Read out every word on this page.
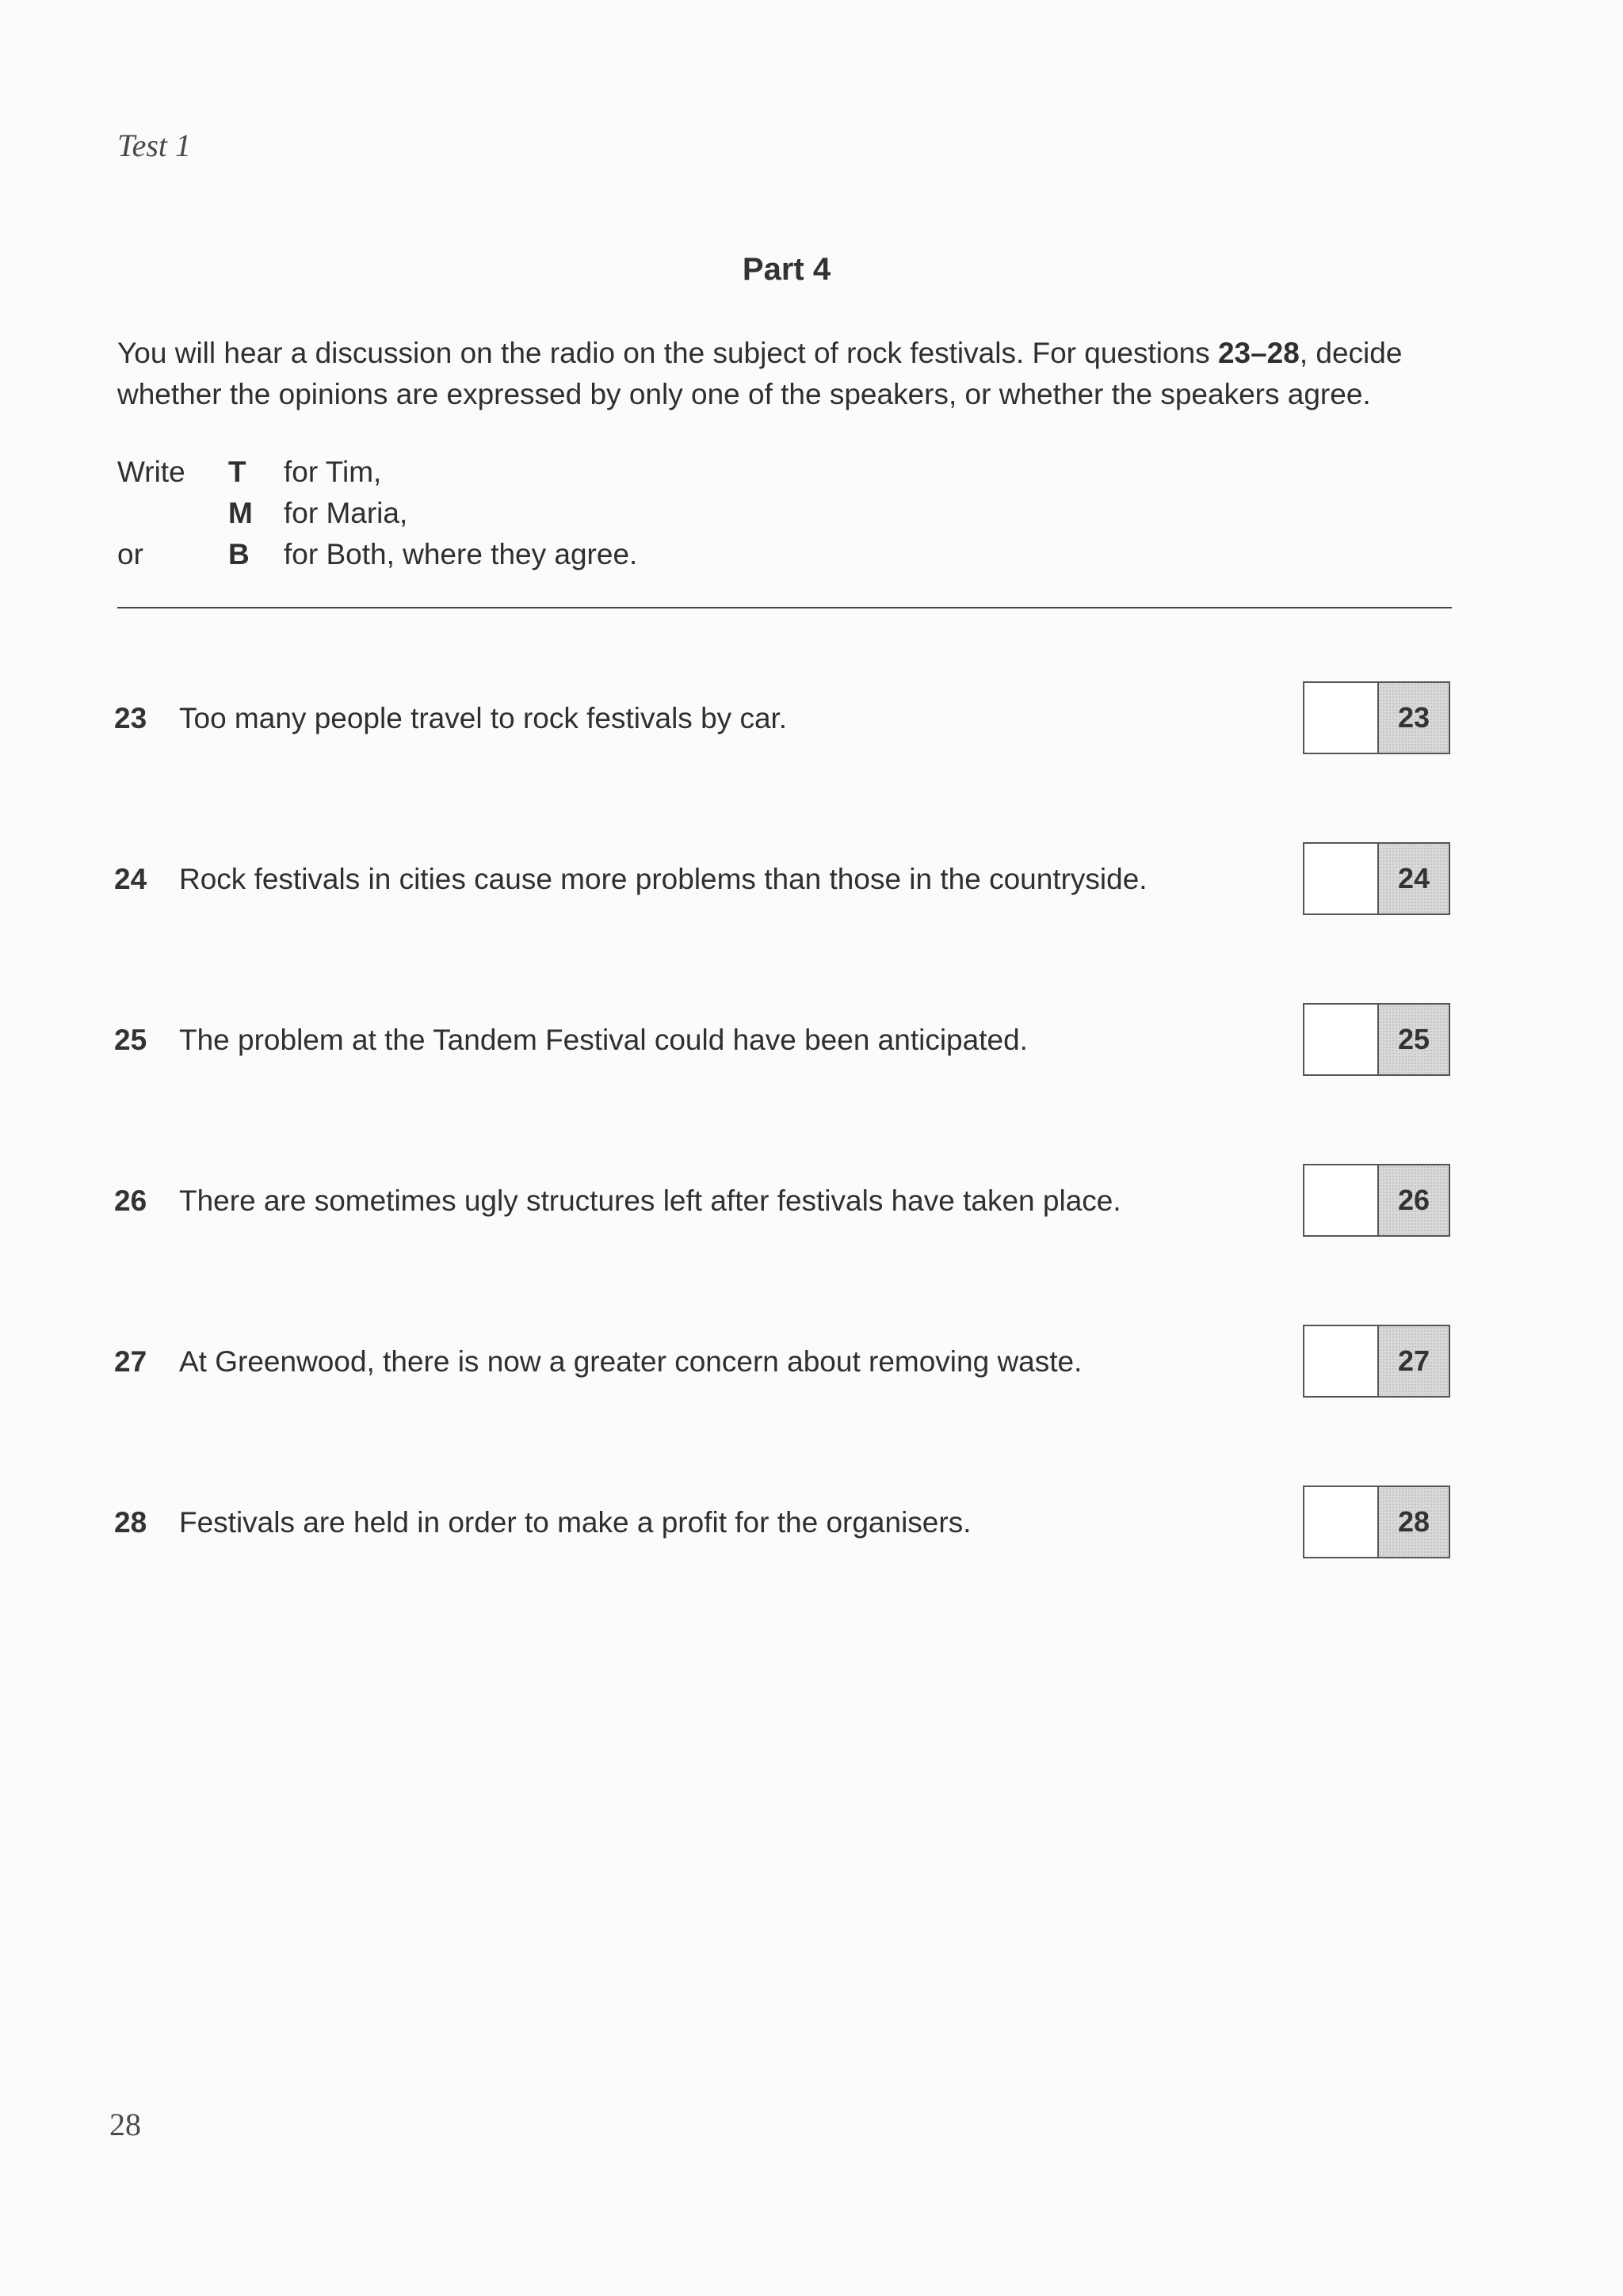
Test 1
Part 4
You will hear a discussion on the radio on the subject of rock festivals. For questions 23–28, decide whether the opinions are expressed by only one of the speakers, or whether the speakers agree.
Write T for Tim,
M for Maria,
or	B for Both, where they agree.
23 Too many people travel to rock festivals by car.	23
24 Rock festivals in cities cause more problems than those in the countryside.	24
25 The problem at the Tandem Festival could have been anticipated.	25
26 There are sometimes ugly structures left after festivals have taken place.	26
27 At Greenwood, there is now a greater concern about removing waste.	27
28 Festivals are held in order to make a profit for the organisers.	28
28
